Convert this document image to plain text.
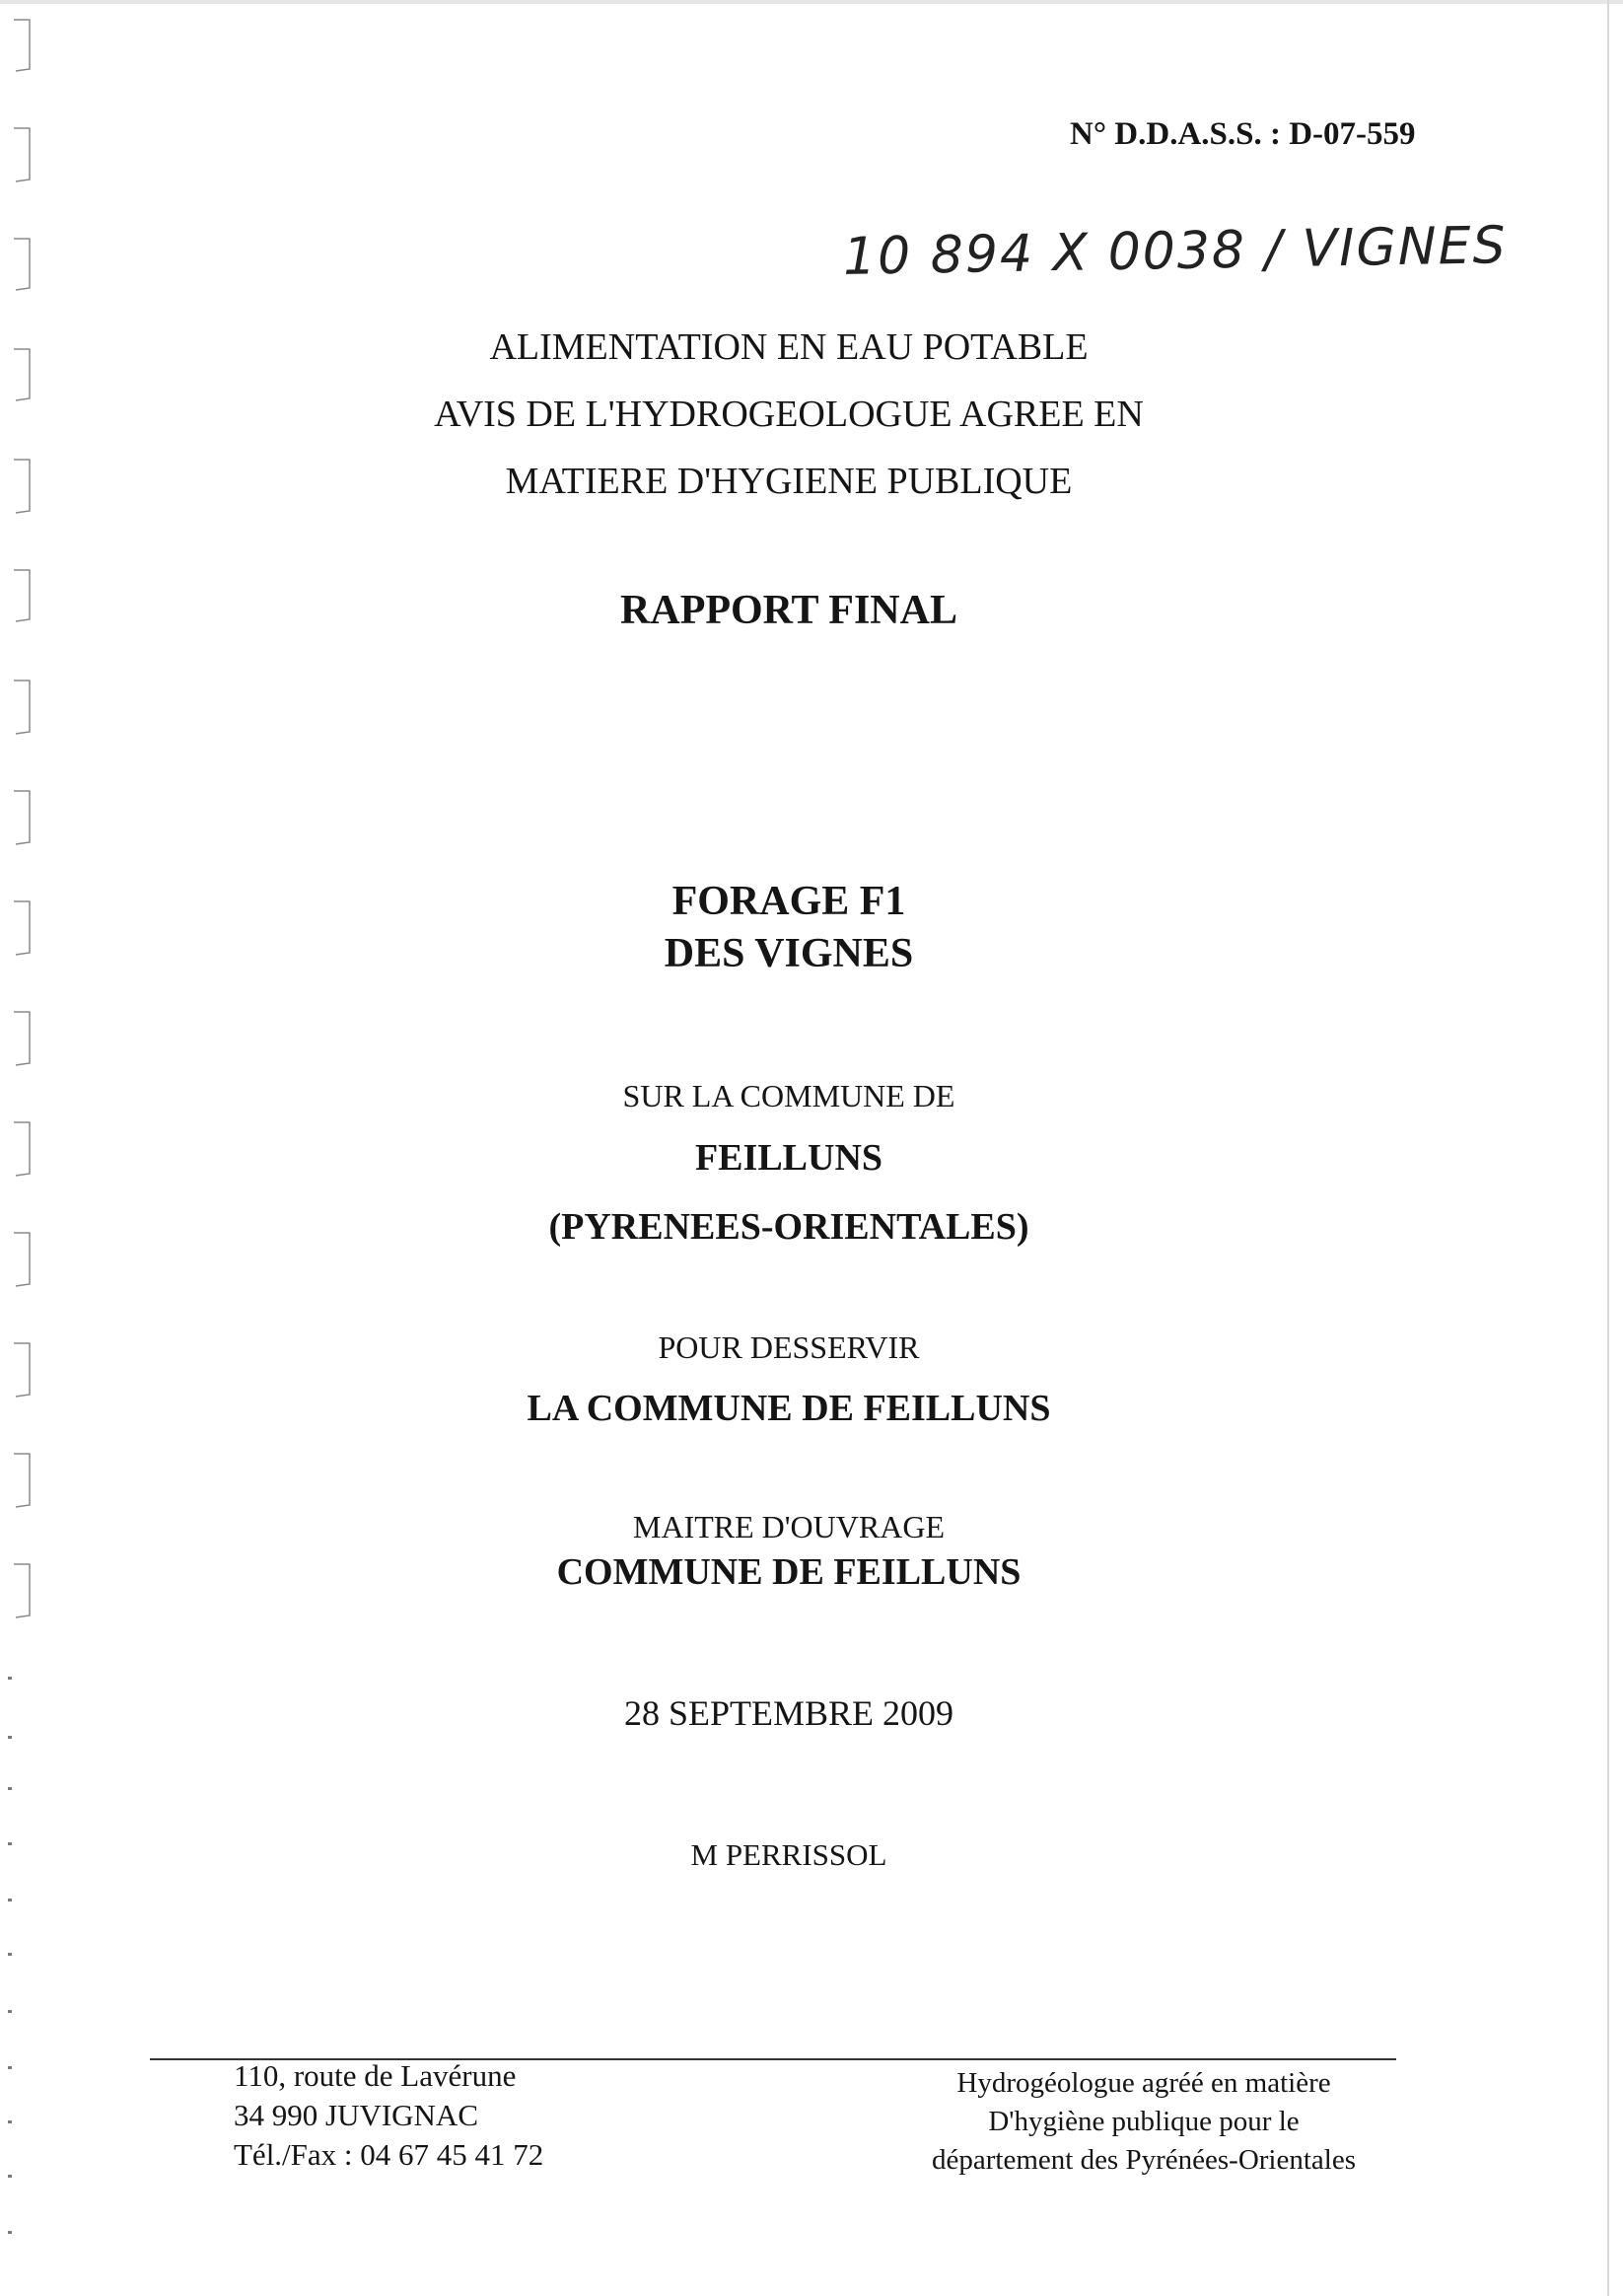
N° D.D.A.S.S. : D-07-559
10 894 X 0038 / VIGNES
ALIMENTATION EN EAU POTABLE
AVIS DE L'HYDROGEOLOGUE AGREE EN
MATIERE D'HYGIENE PUBLIQUE
RAPPORT FINAL
FORAGE F1
DES VIGNES
SUR LA COMMUNE DE
FEILLUNS
(PYRENEES-ORIENTALES)
POUR DESSERVIR
LA COMMUNE DE FEILLUNS
MAITRE D'OUVRAGE
COMMUNE DE FEILLUNS
28 SEPTEMBRE 2009
M PERRISSOL
110, route de Lavérune
34 990 JUVIGNAC
Tél./Fax : 04 67 45 41 72
Hydrogéologue agréé en matière
D'hygiène publique pour le
département des Pyrénées-Orientales
